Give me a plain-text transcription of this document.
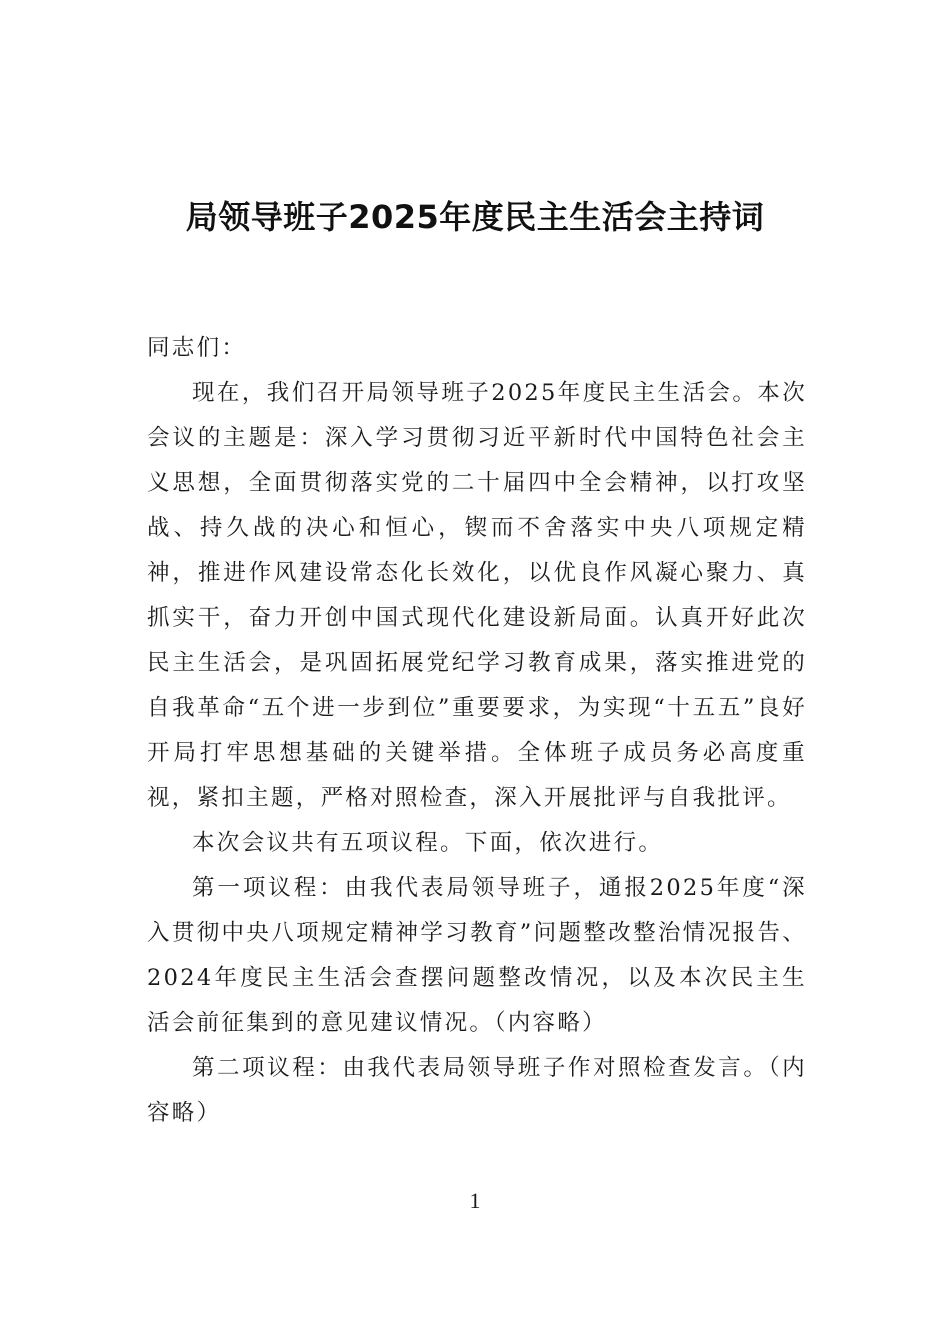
局领导班子2025年度民主生活会主持词

同志们：

现在，我们召开局领导班子2025年度民主生活会。本次会议的主题是：深入学习贯彻习近平新时代中国特色社会主义思想，全面贯彻落实党的二十届四中全会精神，以打攻坚战、持久战的决心和恒心，锲而不舍落实中央八项规定精神，推进作风建设常态化长效化，以优良作风凝心聚力、真抓实干，奋力开创中国式现代化建设新局面。认真开好此次民主生活会，是巩固拓展党纪学习教育成果，落实推进党的自我革命“五个进一步到位”重要要求，为实现“十五五”良好开局打牢思想基础的关键举措。全体班子成员务必高度重视，紧扣主题，严格对照检查，深入开展批评与自我批评。

本次会议共有五项议程。下面，依次进行。

第一项议程：由我代表局领导班子，通报2025年度“深入贯彻中央八项规定精神学习教育”问题整改整治情况报告、2024年度民主生活会查摆问题整改情况，以及本次民主生活会前征集到的意见建议情况。（内容略）

第二项议程：由我代表局领导班子作对照检查发言。（内容略）

1
